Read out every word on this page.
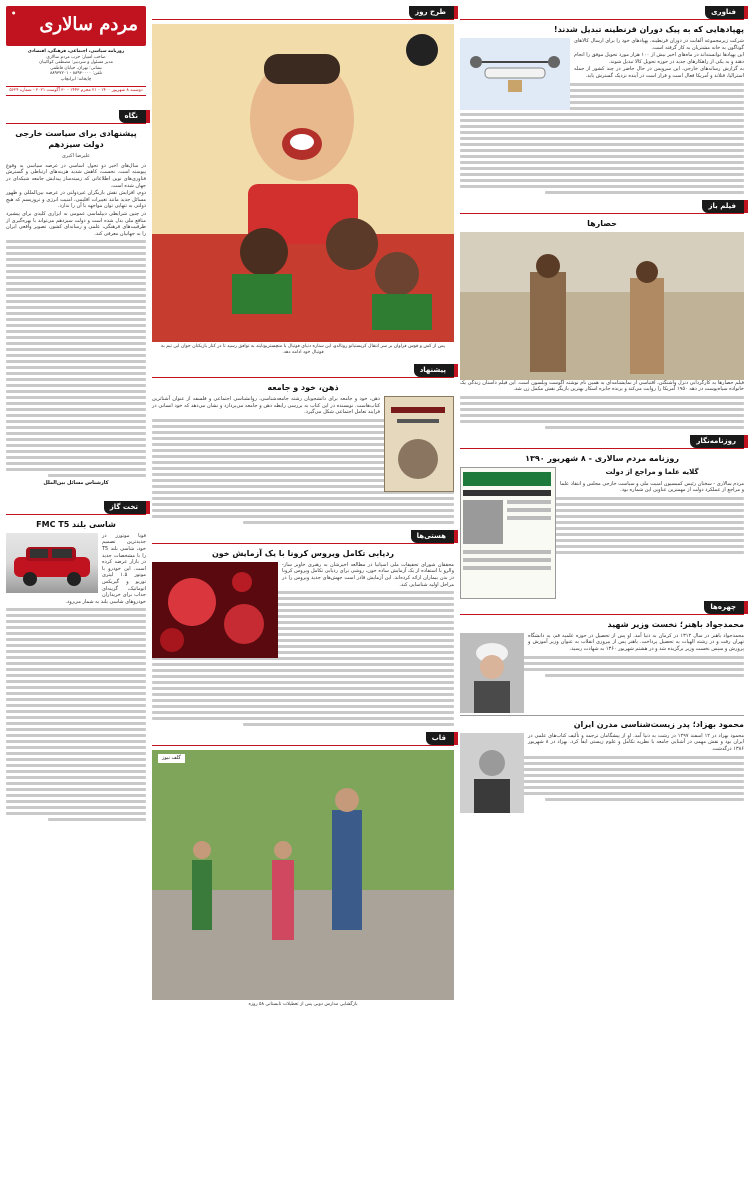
مردم سالاری
●
روزنامه سیاسی، اجتماعی، فرهنگی، اقتصادی
صاحب امتیاز: حزب مردم سالاری
مدیر مسئول و سردبیر: مصطفی کواکبیان
نشانی: تهران، خیابان فاطمی
تلفن: ۸۸۹۳۰۰۰۰ - ۸۸۹۳۷۲۰۱
چاپخانه: ایرانچاپ
دوشنبه ۸ شهریور ۱۴۰۰ - ۲۱ محرم ۱۴۴۳ - ۳۰ آگوست ۲۰۲۱ - شماره ۵۶۲۴
نگاه
پیشنهادی برای سیاست خارجی دولت سیزدهم
علیرضا اکبری

در سال‌های اخیر دو تحول اساسی در عرصه سیاسی به وقوع پیوسته است. نخست، کاهش شدید هزینه‌های ارتباطی و گسترش فناوری‌های نوین اطلاعاتی که زمینه‌ساز پیدایش جامعه شبکه‌ای در جهان شده است.

دوم، افزایش نقش بازیگران غیردولتی در عرصه بین‌المللی و ظهور مسائل جدید مانند تغییرات اقلیمی، امنیت انرژی و تروریسم که هیچ دولتی به تنهایی توان مواجهه با آن را ندارد.

در چنین شرایطی دیپلماسی عمومی به ابزاری کلیدی برای پیشبرد منافع ملی بدل شده است و دولت سیزدهم می‌تواند با بهره‌گیری از ظرفیت‌های فرهنگی، علمی و رسانه‌ای کشور، تصویر واقعی ایران را به جهانیان معرفی کند.

کارشناس مسائل بین‌الملل
تخت گاز
شاسی بلند FMC T5

فونا موتورز در جدیدترین تصمیم خود، شاسی بلند T5 را با مشخصات جدید در بازار عرضه کرده است. این خودرو با موتور ۱.۵ لیتری توربو و گیربکس اتوماتیک، گزینه‌ای جذاب برای خریداران خودروهای شاسی بلند به شمار می‌رود.

طرح روز
پس از کش و قوس فراوان بر سر انتقال کریستیانو رونالدو، این ستاره دنیای فوتبال با منچستریونایتد به توافق رسید تا در کنار بازیکنان جوان این تیم به فوتبال خود ادامه دهد.
پیشنهاد
ذهن، خود و جامعه

ذهن، خود و جامعه برای دانشجویان رشته جامعه‌شناسی، روانشناسی اجتماعی و فلسفه از عنوان آشناترین کتاب‌هاست. نویسنده در این کتاب به بررسی رابطه ذهن و جامعه می‌پردازد و نشان می‌دهد که خود انسانی در فرایند تعامل اجتماعی شکل می‌گیرد.

هستی‌ها
ردیابی تکامل ویروس کرونا با یک آزمایش خون

محققان شورای تحقیقات ملی اسپانیا در مطالعه اخیرشان به رهبری خاویر ساز-والرو با استفاده از یک آزمایش ساده خون، روشی برای ردیابی تکامل ویروس کرونا در بدن بیماران ارائه کرده‌اند. این آزمایش قادر است جهش‌های جدید ویروس را در مراحل اولیه شناسایی کند.

قاب
گلف نیوز
بازگشایی مدارس دوبی پس از تعطیلات تابستانی ۵۸ روزه
فناوری
پهپادهایی که به پیک دوران قرنطینه تبدیل شدند!

شرکت زیرمجموعه آلفابت در دوران قرنطینه، پهپادهای خود را برای ارسال کالاهای گوناگون به خانه مشتریان به کار گرفته است.

این پهپادها توانسته‌اند در ماه‌های اخیر بیش از ۱۰۰ هزار مورد تحویل موفق را انجام دهند و به یکی از راهکارهای جدید در حوزه تحویل کالا تبدیل شوند.

به گزارش رسانه‌های خارجی، این سرویس در حال حاضر در چند کشور از جمله استرالیا، فنلاند و آمریکا فعال است و قرار است در آینده نزدیک گسترش یابد.

فیلم باز
حصارها

فیلم حصارها به کارگردانی دنزل واشنگتن، اقتباسی از نمایشنامه‌ای به همین نام نوشته آگوست ویلسون است. این فیلم داستان زندگی یک خانواده سیاه‌پوست در دهه ۱۹۵۰ آمریکا را روایت می‌کند و برنده جایزه اسکار بهترین بازیگر نقش مکمل زن شد.

روزنامه‌نگار
روزنامه مردم سالاری - ۸ شهریور ۱۳۹۰
گلایه علما و مراجع از دولت

مردم سالاری - سخنان رئیس کمیسیون امنیت ملی و سیاست خارجی مجلس و انتقاد علما و مراجع از عملکرد دولت از مهمترین عناوین این شماره بود.

چهره‌ها
محمدجواد باهنر؛ نخست وزیر شهید

محمدجواد باهنر در سال ۱۳۱۲ در کرمان به دنیا آمد. او پس از تحصیل در حوزه علمیه قم، به دانشگاه تهران رفت و در رشته الهیات به تحصیل پرداخت. باهنر پس از پیروزی انقلاب به عنوان وزیر آموزش و پرورش و سپس نخست وزیر برگزیده شد و در هشتم شهریور ۱۳۶۰ به شهادت رسید.

محمود بهزاد؛ پدر زیست‌شناسی مدرن ایران

محمود بهزاد در ۱۲ اسفند ۱۲۹۷ در رشت به دنیا آمد. او از پیشگامان ترجمه و تألیف کتاب‌های علمی در ایران بود و نقش مهمی در آشنایی جامعه با نظریه تکامل و علوم زیستی ایفا کرد. بهزاد در ۸ شهریور ۱۳۸۶ درگذشت.
